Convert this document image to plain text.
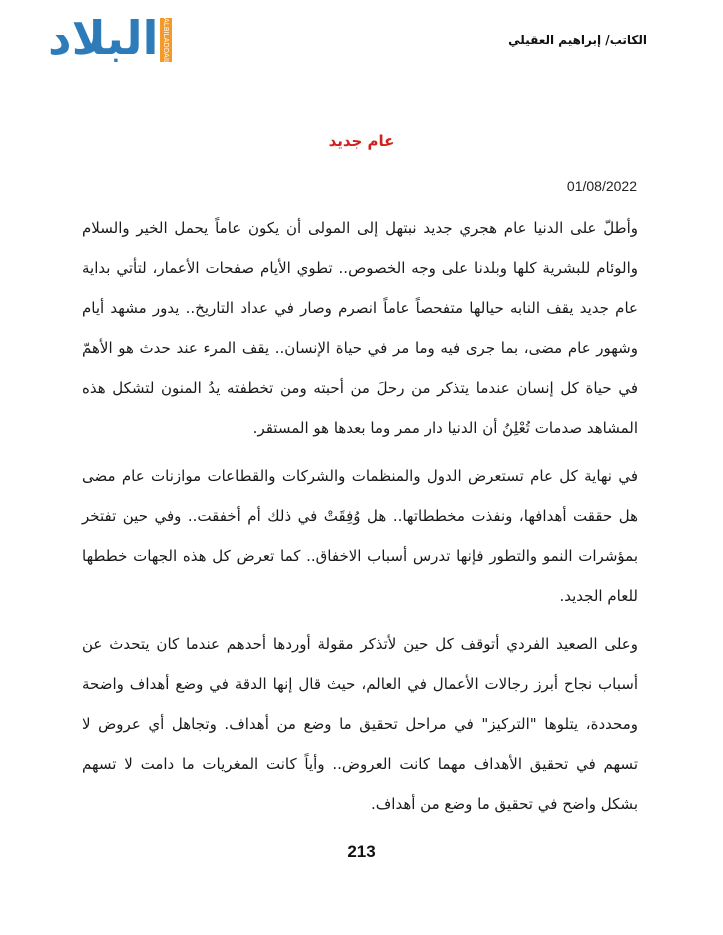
البلاد ALBILADDAILY	الكاتب/ إبراهيم العقيلي
عام جديد
01/08/2022

وأطلّ على الدنيا عام هجري جديد نبتهل إلى المولى أن يكون عاماً يحمل الخير والسلام والوئام للبشرية كلها وبلدنا على وجه الخصوص.. تطوي الأيام صفحات الأعمار، لتأتي بداية عام جديد يقف النابه حيالها متفحصاً عاماً انصرم وصار في عداد التاريخ.. يدور مشهد أيام وشهور عام مضى، بما جرى فيه وما مر في حياة الإنسان.. يقف المرء عند حدث هو الأهمّ في حياة كل إنسان عندما يتذكر من رحلَ من أحبته ومن تخطفته يدُ المنون لتشكل هذه المشاهد صدمات تُعْلِنُ أن الدنيا دار ممر وما بعدها هو المستقر.

في نهاية كل عام تستعرض الدول والمنظمات والشركات والقطاعات موازنات عام مضى هل حققت أهدافها، ونفذت مخططاتها.. هل وُفِقَتْ في ذلك أم أخفقت.. وفي حين تفتخر بمؤشرات النمو والتطور فإنها تدرس أسباب الاخفاق.. كما تعرض كل هذه الجهات خططها للعام الجديد.

وعلى الصعيد الفردي أتوقف كل حين لأتذكر مقولة أوردها أحدهم عندما كان يتحدث عن أسباب نجاح أبرز رجالات الأعمال في العالم، حيث قال إنها الدقة في وضع أهداف واضحة ومحددة، يتلوها "التركيز" في مراحل تحقيق ما وضع من أهداف. وتجاهل أي عروض لا تسهم في تحقيق الأهداف مهما كانت العروض.. وأياً كانت المغريات ما دامت لا تسهم بشكل واضح في تحقيق ما وضع من أهداف.

213
